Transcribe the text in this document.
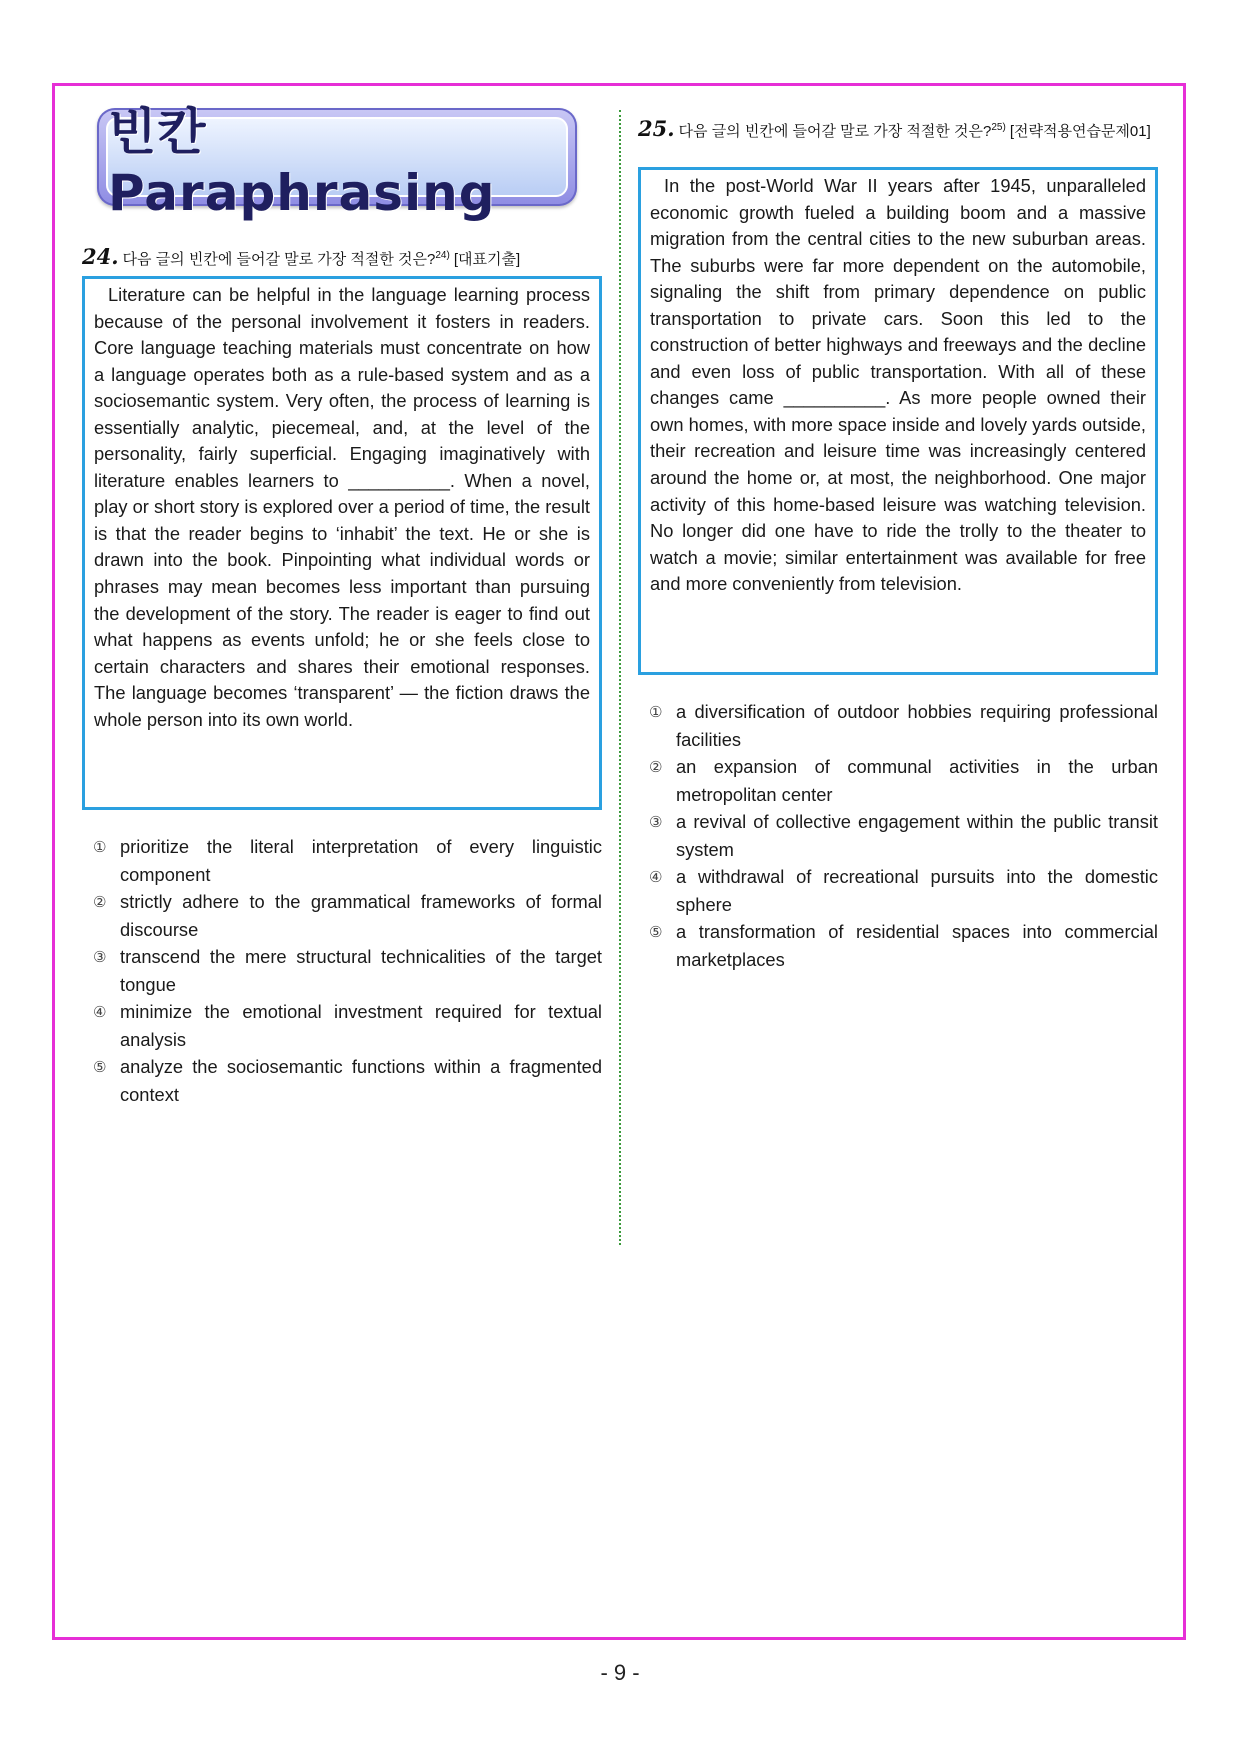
빈칸 Paraphrasing
24. 다음 글의 빈칸에 들어갈 말로 가장 적절한 것은?$^{24)}$ [대표기출]
Literature can be helpful in the language learning process because of the personal involvement it fosters in readers. Core language teaching materials must concentrate on how a language operates both as a rule-based system and as a sociosemantic system. Very often, the process of learning is essentially analytic, piecemeal, and, at the level of the personality, fairly superficial. Engaging imaginatively with literature enables learners to __________. When a novel, play or short story is explored over a period of time, the result is that the reader begins to ‘inhabit’ the text. He or she is drawn into the book. Pinpointing what individual words or phrases may mean becomes less important than pursuing the development of the story. The reader is eager to find out what happens as events unfold; he or she feels close to certain characters and shares their emotional responses. The language becomes ‘transparent’ — the fiction draws the whole person into its own world.
① prioritize the literal interpretation of every linguistic component
② strictly adhere to the grammatical frameworks of formal discourse
③ transcend the mere structural technicalities of the target tongue
④ minimize the emotional investment required for textual analysis
⑤ analyze the sociosemantic functions within a fragmented context
25. 다음 글의 빈칸에 들어갈 말로 가장 적절한 것은?$^{25)}$ [전략적용연습문제01]
In the post-World War II years after 1945, unparalleled economic growth fueled a building boom and a massive migration from the central cities to the new suburban areas. The suburbs were far more dependent on the automobile, signaling the shift from primary dependence on public transportation to private cars. Soon this led to the construction of better highways and freeways and the decline and even loss of public transportation. With all of these changes came __________. As more people owned their own homes, with more space inside and lovely yards outside, their recreation and leisure time was increasingly centered around the home or, at most, the neighborhood. One major activity of this home-based leisure was watching television. No longer did one have to ride the trolly to the theater to watch a movie; similar entertainment was available for free and more conveniently from television.
① a diversification of outdoor hobbies requiring professional facilities
② an expansion of communal activities in the urban metropolitan center
③ a revival of collective engagement within the public transit system
④ a withdrawal of recreational pursuits into the domestic sphere
⑤ a transformation of residential spaces into commercial marketplaces
- 9 -
